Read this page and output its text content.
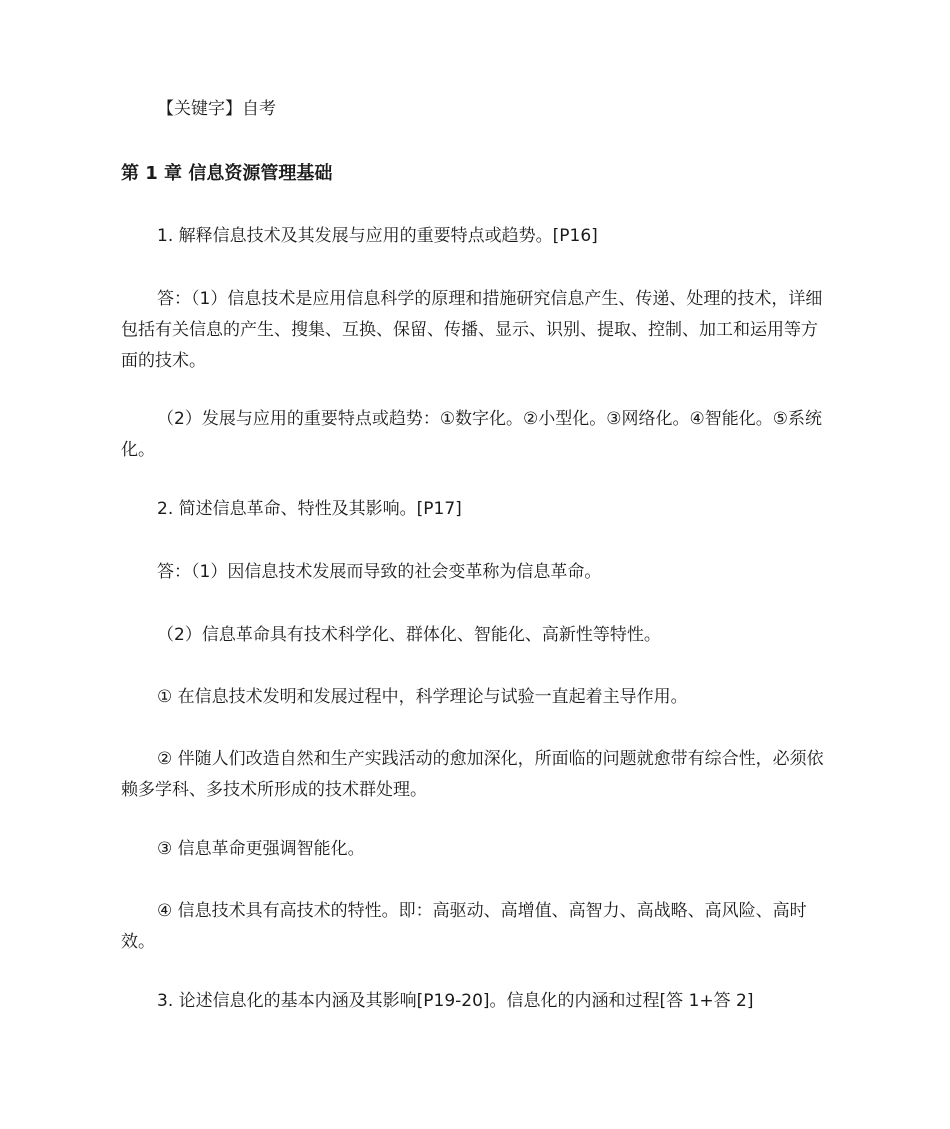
【关键字】自考
第 1 章 信息资源管理基础
1. 解释信息技术及其发展与应用的重要特点或趋势。[P16]
答：（1）信息技术是应用信息科学的原理和措施研究信息产生、传递、处理的技术，详细包括有关信息的产生、搜集、互换、保留、传播、显示、识别、提取、控制、加工和运用等方面的技术。
（2）发展与应用的重要特点或趋势：①数字化。②小型化。③网络化。④智能化。⑤系统化。
2. 简述信息革命、特性及其影响。[P17]
答：（1）因信息技术发展而导致的社会变革称为信息革命。
（2）信息革命具有技术科学化、群体化、智能化、高新性等特性。
① 在信息技术发明和发展过程中，科学理论与试验一直起着主导作用。
② 伴随人们改造自然和生产实践活动的愈加深化，所面临的问题就愈带有综合性，必须依赖多学科、多技术所形成的技术群处理。
③ 信息革命更强调智能化。
④ 信息技术具有高技术的特性。即：高驱动、高增值、高智力、高战略、高风险、高时效。
3. 论述信息化的基本内涵及其影响[P19-20]。信息化的内涵和过程[答 1+答 2]
